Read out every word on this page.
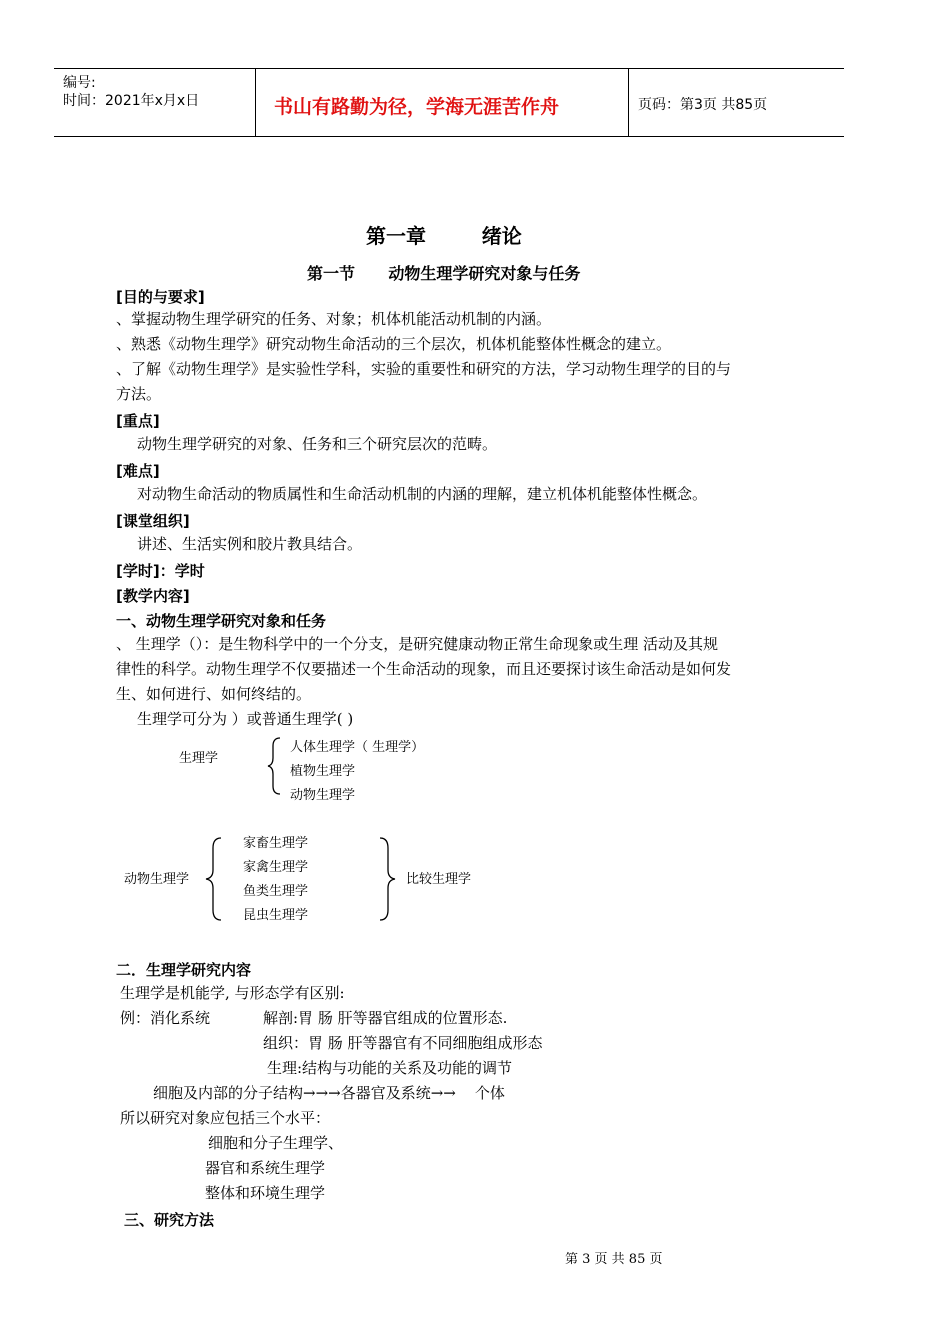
编号:
时间：2021年x月x日	书山有路勤为径，学海无涯苦作舟	页码：第3页 共85页
第一章        绪论
第一节      动物生理学研究对象与任务
[目的与要求]
、掌握动物生理学研究的任务、对象；机体机能活动机制的内涵。
、熟悉《动物生理学》研究动物生命活动的三个层次，机体机能整体性概念的建立。
、了解《动物生理学》是实验性学科，实验的重要性和研究的方法，学习动物生理学的目的与
方法。
[重点]
动物生理学研究的对象、任务和三个研究层次的范畴。
[难点]
对动物生命活动的物质属性和生命活动机制的内涵的理解，建立机体机能整体性概念。
[课堂组织]
讲述、生活实例和胶片教具结合。
[学时]：学时
[教学内容]
一、动物生理学研究对象和任务
、 生理学（）：是生物科学中的一个分支，是研究健康动物正常生命现象或生理 活动及其规
律性的科学。动物生理学不仅要描述一个生命活动的现象，而且还要探讨该生命活动是如何发
生、如何进行、如何终结的。
生理学可分为 ）或普通生理学( )
生理学
人体生理学（ 生理学）
植物生理学
动物生理学
动物生理学
家畜生理学
家禽生理学
鱼类生理学
昆虫生理学
比较生理学
二．生理学研究内容
生理学是机能学, 与形态学有区别:
例：消化系统	解剖:胃 肠 肝等器官组成的位置形态.
组织：胃 肠 肝等器官有不同细胞组成形态
生理:结构与功能的关系及功能的调节
细胞及内部的分子结构→→→各器官及系统→→    个体
所以研究对象应包括三个水平：
细胞和分子生理学、
器官和系统生理学
整体和环境生理学
三、研究方法
第 3 页 共 85 页
